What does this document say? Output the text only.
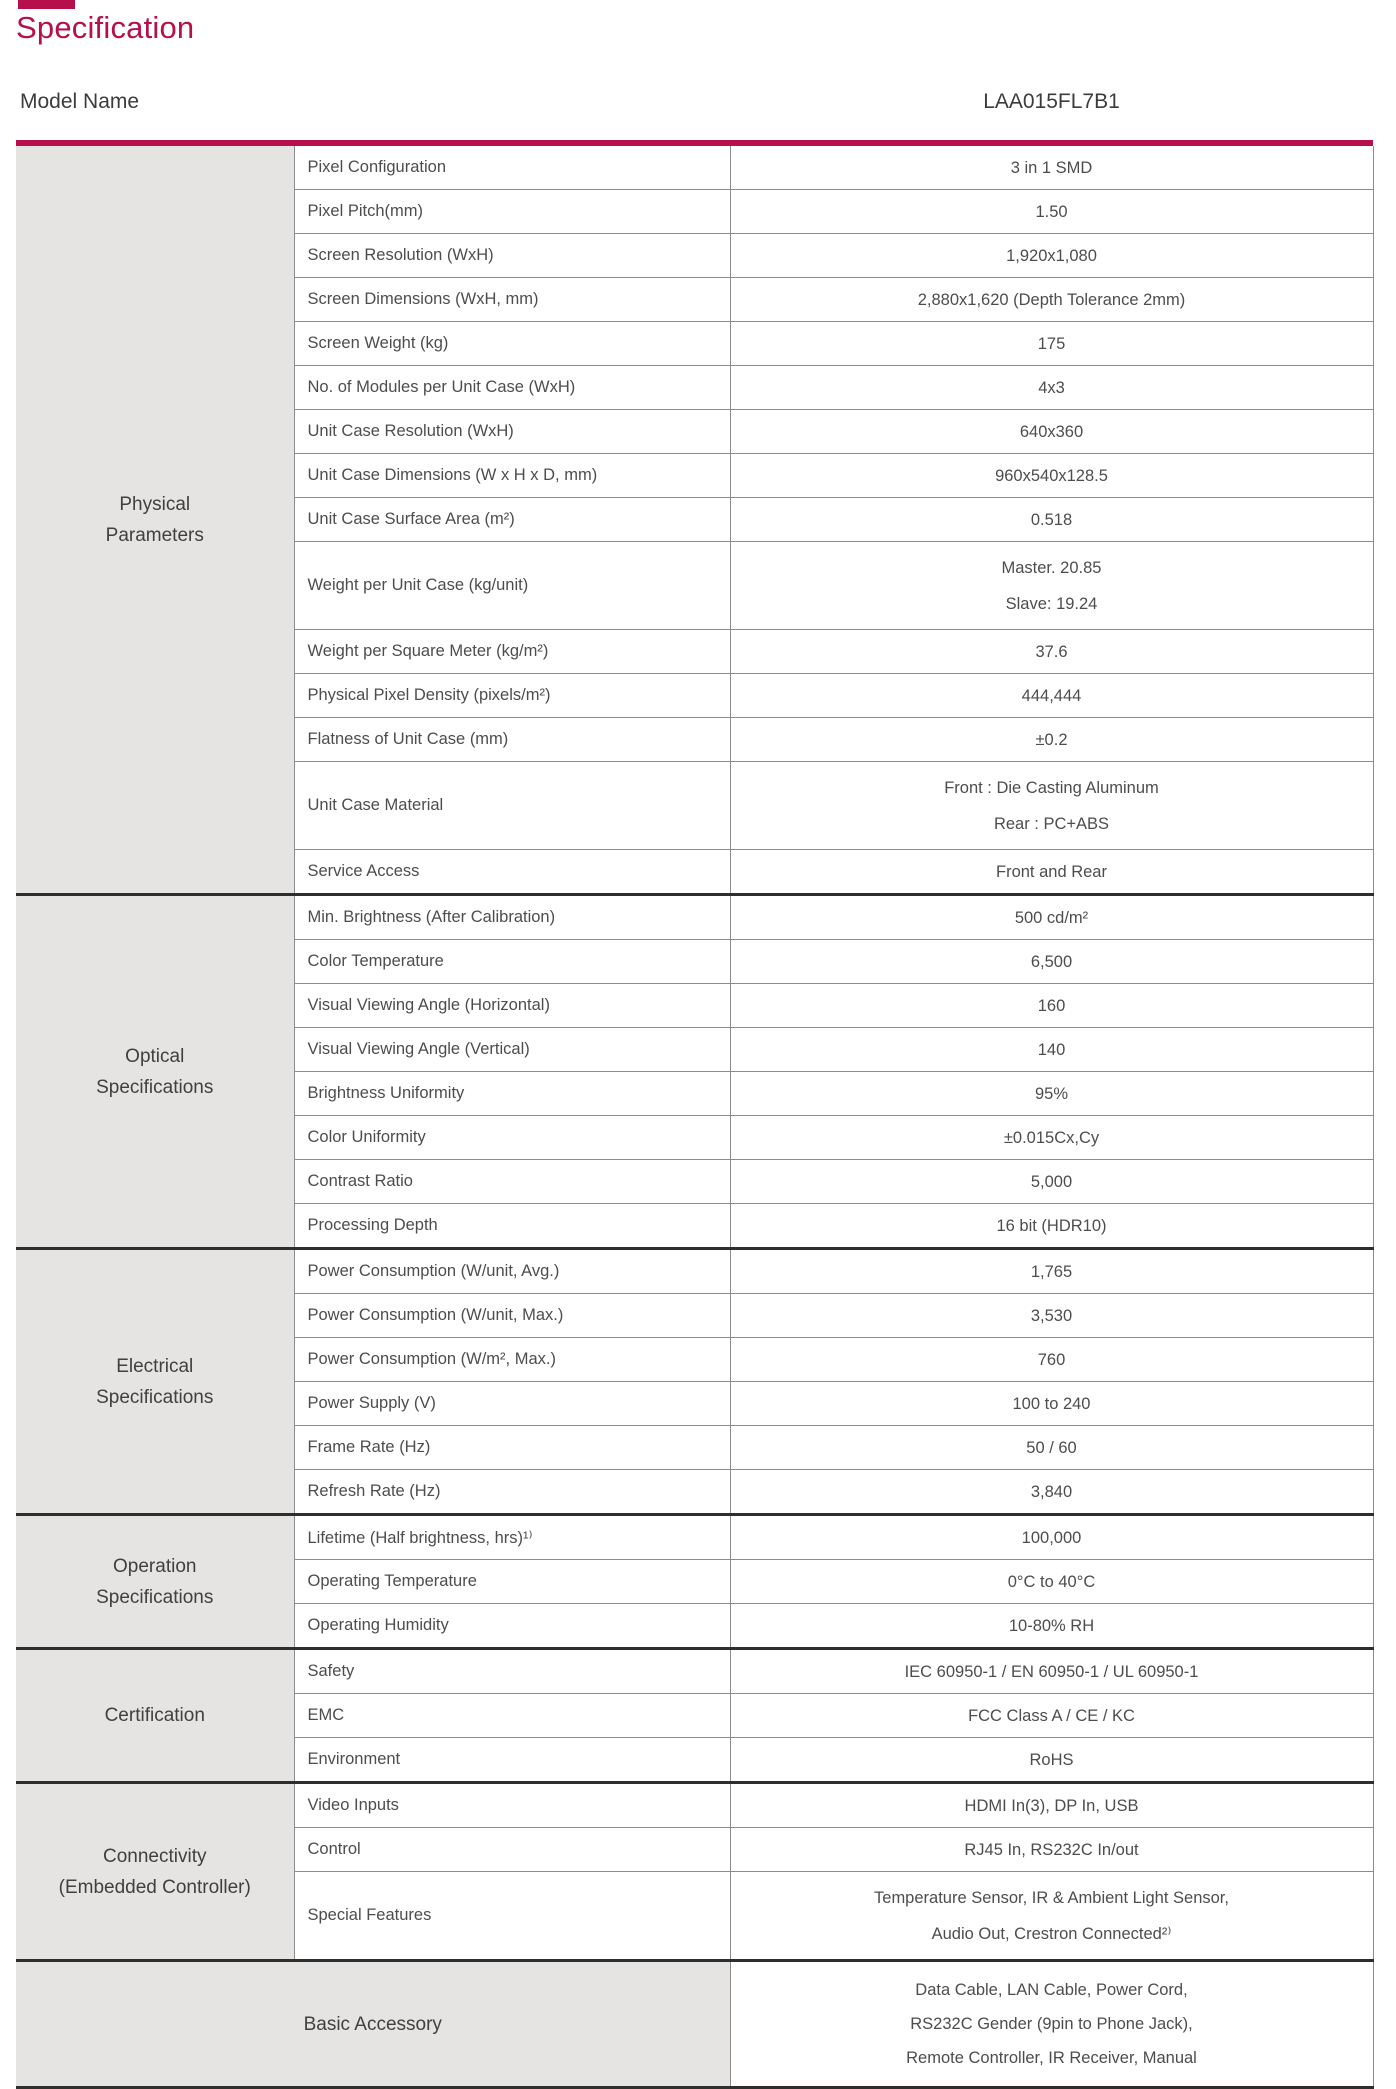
Specification
Model Name	LAA015FL7B1
Physical
Parameters	Pixel Configuration	3 in 1 SMD

	Pixel Pitch(mm)	1.50

	Screen Resolution (WxH)	1,920x1,080

	Screen Dimensions (WxH, mm)	2,880x1,620 (Depth Tolerance 2mm)

	Screen Weight (kg)	175

	No. of Modules per Unit Case (WxH)	4x3

	Unit Case Resolution (WxH)	640x360

	Unit Case Dimensions (W x H x D, mm)	960x540x128.5

	Unit Case Surface Area (m²)	0.518

	Weight per Unit Case (kg/unit)	Master. 20.85
Slave: 19.24

	Weight per Square Meter (kg/m²)	37.6

	Physical Pixel Density (pixels/m²)	444,444

	Flatness of Unit Case (mm)	±0.2

	Unit Case Material	Front : Die Casting Aluminum
Rear : PC+ABS

	Service Access	Front and Rear

Optical
Specifications	Min. Brightness (After Calibration)	500 cd/m²

	Color Temperature	6,500

	Visual Viewing Angle (Horizontal)	160

	Visual Viewing Angle (Vertical)	140

	Brightness Uniformity	95%

	Color Uniformity	±0.015Cx,Cy

	Contrast Ratio	5,000

	Processing Depth	16 bit (HDR10)

Electrical
Specifications	Power Consumption (W/unit, Avg.)	1,765

	Power Consumption (W/unit, Max.)	3,530

	Power Consumption (W/m², Max.)	760

	Power Supply (V)	100 to 240

	Frame Rate (Hz)	50 / 60

	Refresh Rate (Hz)	3,840

Operation
Specifications	Lifetime (Half brightness, hrs)¹⁾	100,000

	Operating Temperature	0°C to 40°C

	Operating Humidity	10-80% RH

Certification	Safety	IEC 60950-1 / EN 60950-1 / UL 60950-1

	EMC	FCC Class A / CE / KC

	Environment	RoHS

Connectivity
(Embedded Controller)	Video Inputs	HDMI In(3), DP In, USB

	Control	RJ45 In, RS232C In/out

	Special Features	Temperature Sensor, IR & Ambient Light Sensor,
Audio Out, Crestron Connected²⁾

Basic Accessory		Data Cable, LAN Cable, Power Cord,
RS232C Gender (9pin to Phone Jack),
Remote Controller, IR Receiver, Manual
